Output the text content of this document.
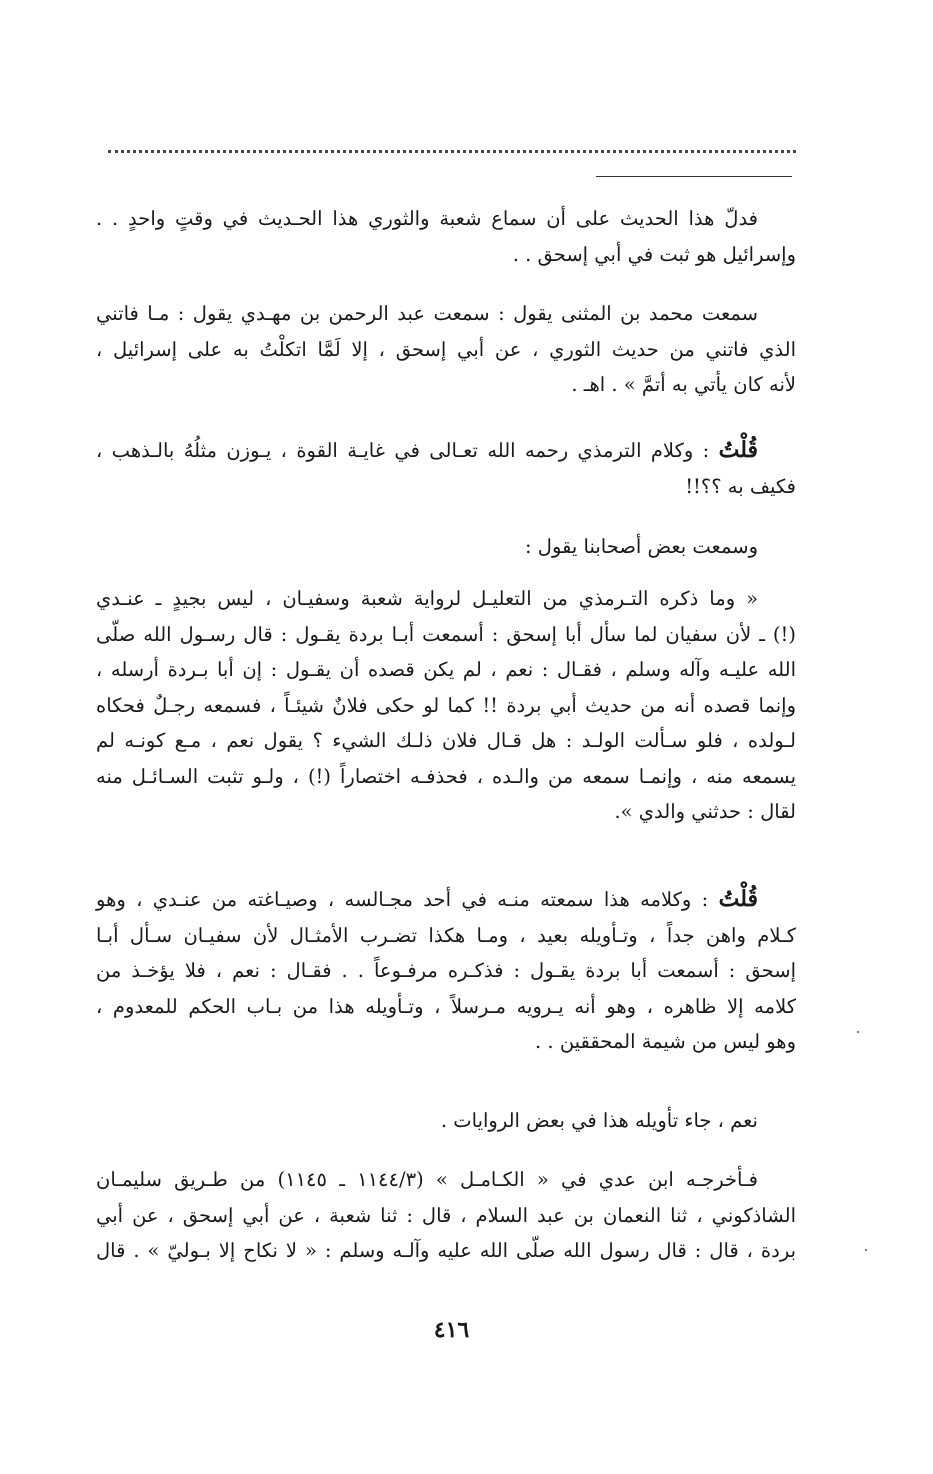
فدلّ هذا الحديث على أن سماع شعبة والثوري هذا الحـديث في وقتٍ واحدٍ . .
وإسرائيل هو ثبت في أبي إسحق . .
سمعت محمد بن المثنى يقول : سمعت عبد الرحمن بن مهـدي يقول : مـا فاتني
الذي فاتني من حديث الثوري ، عن أبي إسحق ، إلا لَمَّا اتكلْتُ به على إسرائيل ،
لأنه كان يأتي به أتمَّ » . اهـ .
قُلْتُ : وكلام الترمذي رحمه الله تعـالى في غايـة القوة ، يـوزن مثلُهُ بالـذهب ،
فكيف به ؟؟!!
وسمعت بعض أصحابنا يقول :
« وما ذكره التـرمذي من التعليـل لرواية شعبة وسفيـان ، ليس بجيدٍ ـ عنـدي
(!) ـ لأن سفيان لما سأل أبا إسحق : أسمعت أبـا بردة يقـول : قال رسـول الله صلّى
الله عليـه وآله وسلم ، فقـال : نعم ، لم يكن قصده أن يقـول : إن أبا بـردة أرسله ،
وإنما قصده أنه من حديث أبي بردة !! كما لو حكى فلانٌ شيئـاً ، فسمعه رجـلٌ فحكاه
لـولده ، فلو سـألت الولـد : هل قـال فلان ذلـك الشيء ؟ يقول نعم ، مـع كونـه لم
يسمعه منه ، وإنمـا سمعه من والـده ، فحذفـه اختصاراً (!) ، ولـو تثبت السـائـل منه
لقال : حدثني والدي ».
قُلْتُ : وكلامه هذا سمعته منـه في أحد مجـالسه ، وصيـاغته من عنـدي ، وهو
كـلام واهن جداً ، وتـأويله بعيد ، ومـا هكذا تضـرب الأمثـال لأن سفيـان سـأل أبـا
إسحق : أسمعت أبا بردة يقـول : فذكـره مرفـوعاً . . فقـال : نعم ، فلا يؤخـذ من
كلامه إلا ظاهره ، وهو أنه يـرويه مـرسلاً ، وتـأويله هذا من بـاب الحكم للمعدوم ،
وهو ليس من شيمة المحققين . .
نعم ، جاء تأويله هذا في بعض الروايات .
فـأخرجـه ابن عدي في « الكـامـل » (١١٤٤/٣ ـ ١١٤٥) من طـريق سليمـان
الشاذكوني ، ثنا النعمان بن عبد السلام ، قال : ثنا شعبة ، عن أبي إسحق ، عن أبي
بردة ، قال : قال رسول الله صلّى الله عليه وآلـه وسلم : « لا نكاح إلا بـوليّ » . قال
٤١٦
